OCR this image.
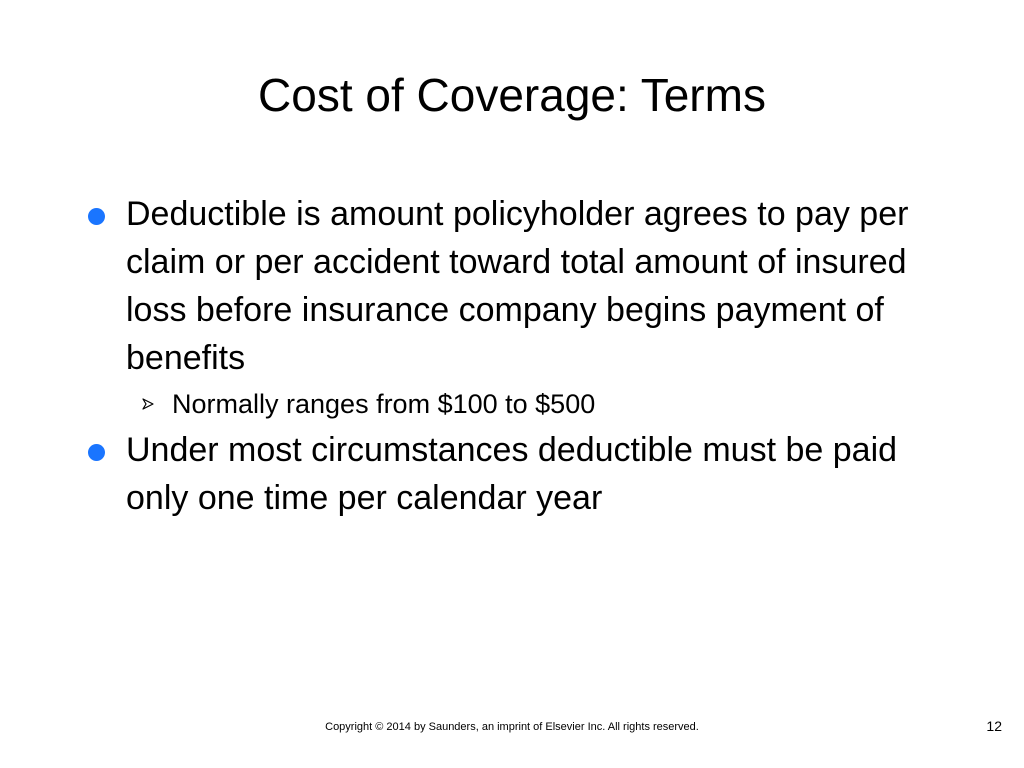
Cost of Coverage: Terms
Deductible is amount policyholder agrees to pay per claim or per accident toward total amount of insured loss before insurance company begins payment of benefits
Normally ranges from $100 to $500
Under most circumstances deductible must be paid only one time per calendar year
Copyright © 2014 by Saunders, an imprint of Elsevier Inc. All rights reserved.	12
